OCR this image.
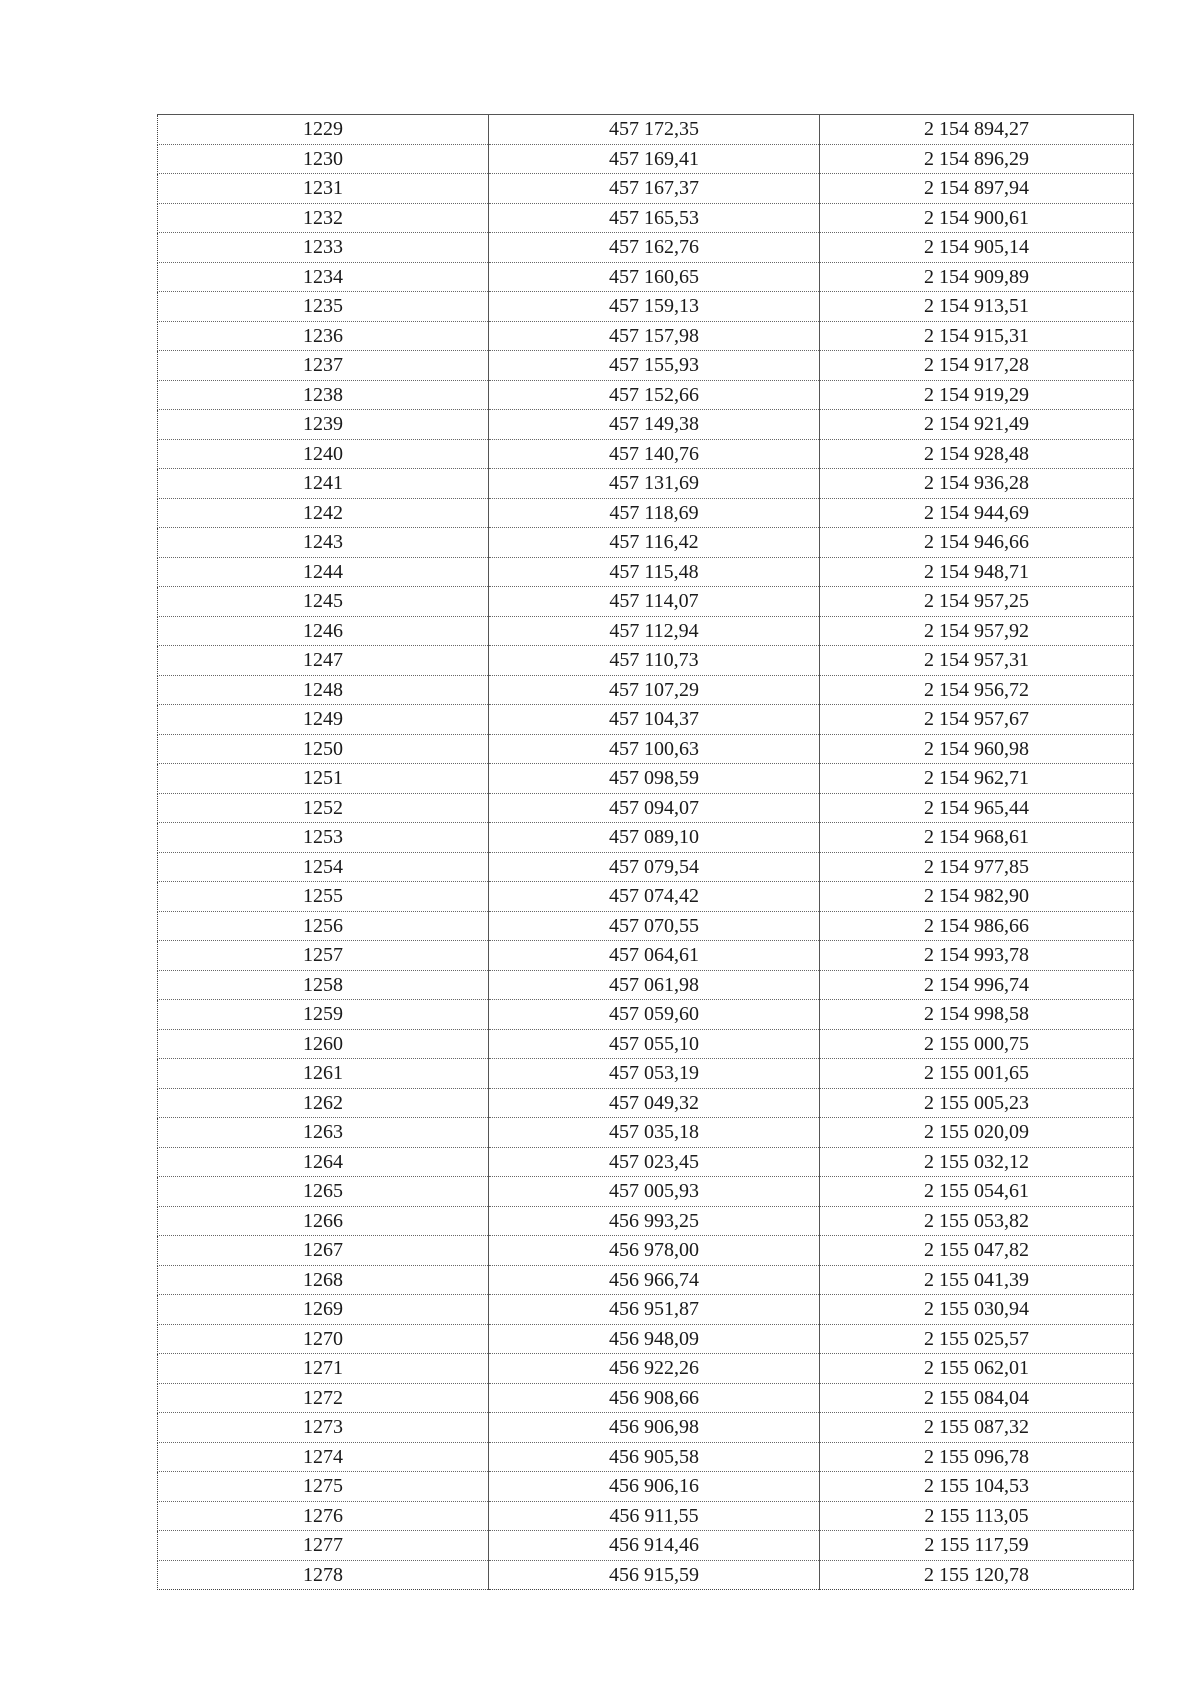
1229	457 172,35	2 154 894,27
1230	457 169,41	2 154 896,29
1231	457 167,37	2 154 897,94
1232	457 165,53	2 154 900,61
1233	457 162,76	2 154 905,14
1234	457 160,65	2 154 909,89
1235	457 159,13	2 154 913,51
1236	457 157,98	2 154 915,31
1237	457 155,93	2 154 917,28
1238	457 152,66	2 154 919,29
1239	457 149,38	2 154 921,49
1240	457 140,76	2 154 928,48
1241	457 131,69	2 154 936,28
1242	457 118,69	2 154 944,69
1243	457 116,42	2 154 946,66
1244	457 115,48	2 154 948,71
1245	457 114,07	2 154 957,25
1246	457 112,94	2 154 957,92
1247	457 110,73	2 154 957,31
1248	457 107,29	2 154 956,72
1249	457 104,37	2 154 957,67
1250	457 100,63	2 154 960,98
1251	457 098,59	2 154 962,71
1252	457 094,07	2 154 965,44
1253	457 089,10	2 154 968,61
1254	457 079,54	2 154 977,85
1255	457 074,42	2 154 982,90
1256	457 070,55	2 154 986,66
1257	457 064,61	2 154 993,78
1258	457 061,98	2 154 996,74
1259	457 059,60	2 154 998,58
1260	457 055,10	2 155 000,75
1261	457 053,19	2 155 001,65
1262	457 049,32	2 155 005,23
1263	457 035,18	2 155 020,09
1264	457 023,45	2 155 032,12
1265	457 005,93	2 155 054,61
1266	456 993,25	2 155 053,82
1267	456 978,00	2 155 047,82
1268	456 966,74	2 155 041,39
1269	456 951,87	2 155 030,94
1270	456 948,09	2 155 025,57
1271	456 922,26	2 155 062,01
1272	456 908,66	2 155 084,04
1273	456 906,98	2 155 087,32
1274	456 905,58	2 155 096,78
1275	456 906,16	2 155 104,53
1276	456 911,55	2 155 113,05
1277	456 914,46	2 155 117,59
1278	456 915,59	2 155 120,78
